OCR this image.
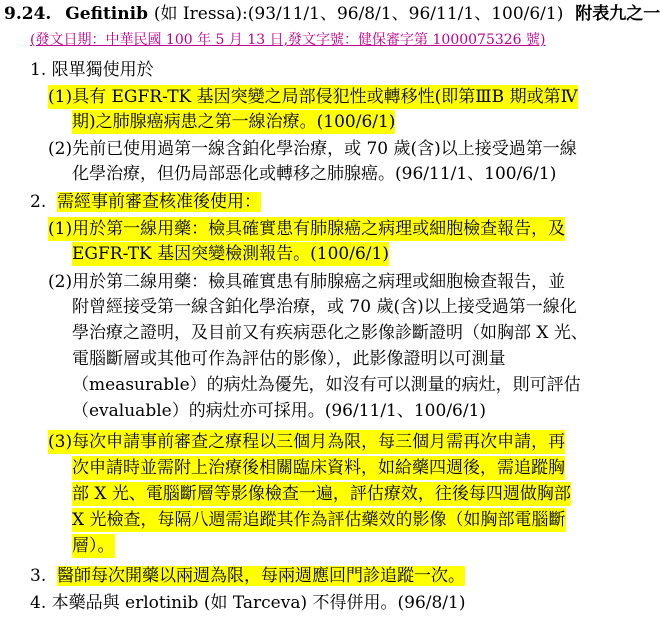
9.24. Gefitinib (如 Iressa):(93/11/1、96/8/1、96/11/1、100/6/1) 附表九之一
(發文日期：中華民國 100 年 5 月 13 日,發文字號：健保審字第 1000075326 號)
1. 限單獨使用於
(1)具有 EGFR-TK 基因突變之局部侵犯性或轉移性(即第ⅢB 期或第Ⅳ
期)之肺腺癌病患之第一線治療。(100/6/1)
(2)先前已使用過第一線含鉑化學治療，或 70 歲(含)以上接受過第一線
化學治療，但仍局部惡化或轉移之肺腺癌。(96/11/1、100/6/1)
2.  需經事前審查核准後使用：
(1)用於第一線用藥：檢具確實患有肺腺癌之病理或細胞檢查報告，及
EGFR-TK 基因突變檢測報告。(100/6/1)
(2)用於第二線用藥：檢具確實患有肺腺癌之病理或細胞檢查報告，並
附曾經接受第一線含鉑化學治療，或 70 歲(含)以上接受過第一線化
學治療之證明，及目前又有疾病惡化之影像診斷證明（如胸部 X 光、
電腦斷層或其他可作為評估的影像），此影像證明以可測量
（measurable）的病灶為優先，如沒有可以測量的病灶，則可評估
（evaluable）的病灶亦可採用。(96/11/1、100/6/1)
(3)每次申請事前審查之療程以三個月為限，每三個月需再次申請，再
次申請時並需附上治療後相關臨床資料，如給藥四週後，需追蹤胸
部 X 光、電腦斷層等影像檢查一遍，評估療效，往後每四週做胸部
X 光檢查，每隔八週需追蹤其作為評估藥效的影像（如胸部電腦斷
層）。
3.  醫師每次開藥以兩週為限，每兩週應回門診追蹤一次。
4. 本藥品與 erlotinib (如 Tarceva) 不得併用。(96/8/1)
